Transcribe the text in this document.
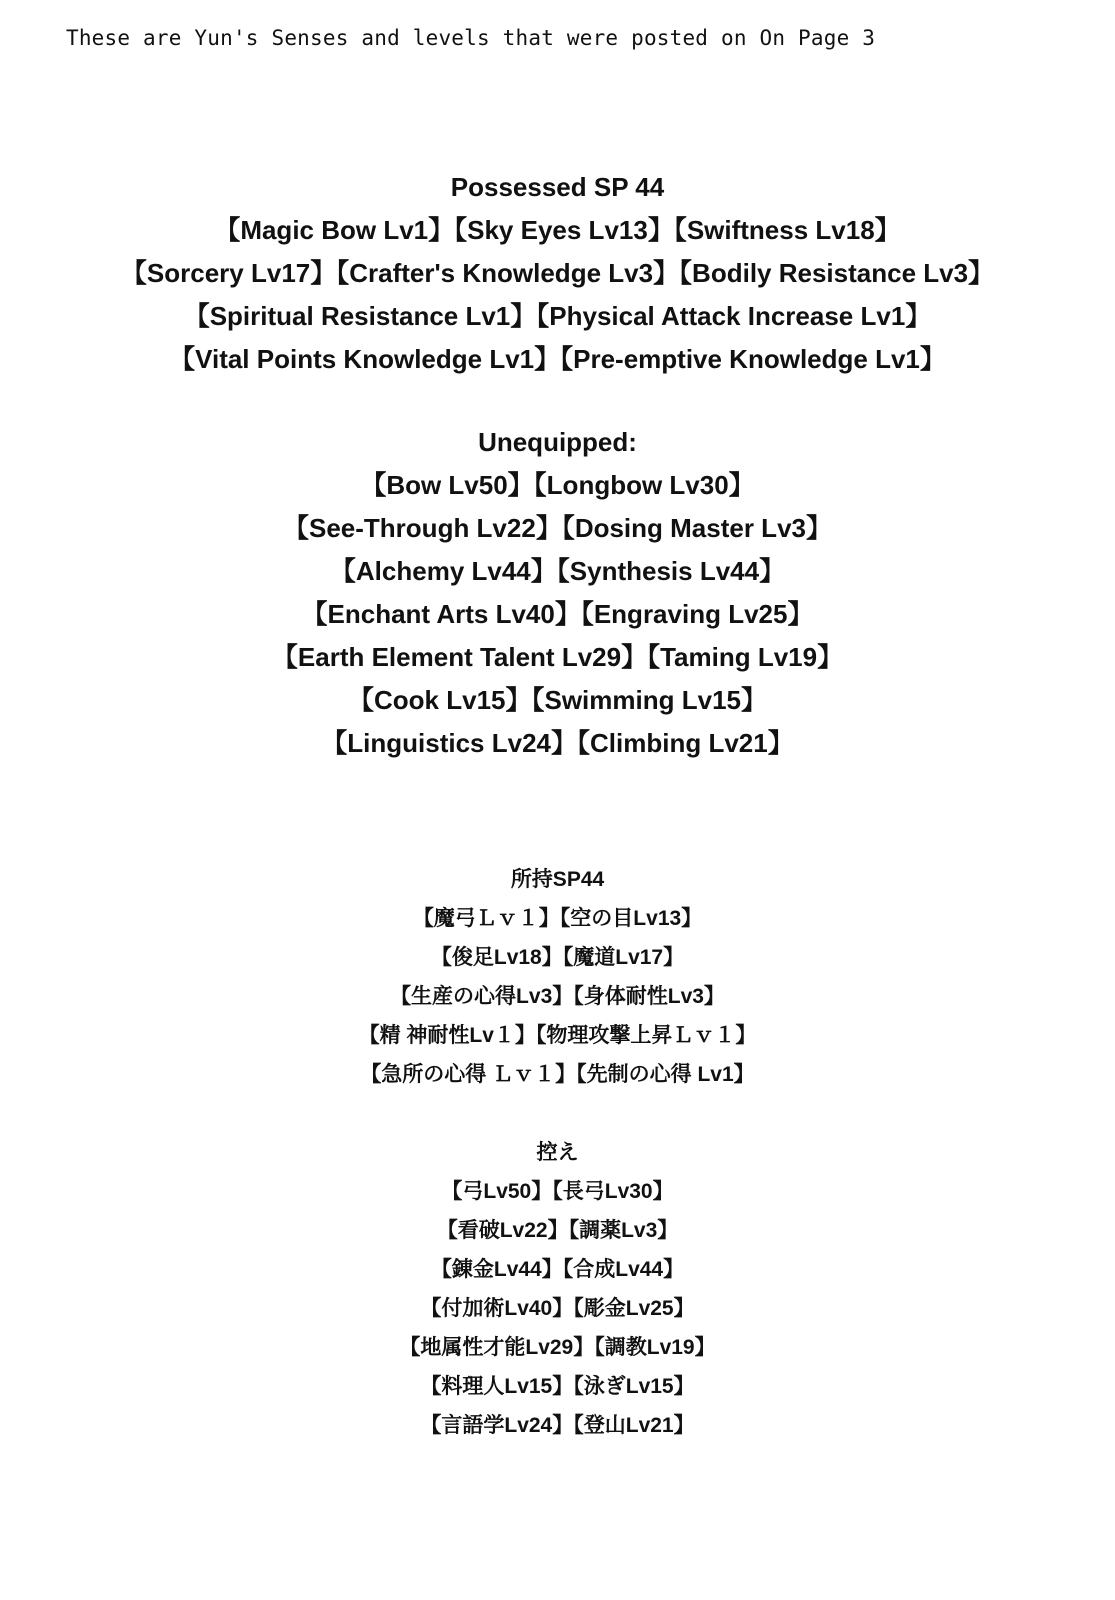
These are Yun's Senses and levels that were posted on On Page 3
Possessed SP 44
【Magic Bow Lv1】【Sky Eyes Lv13】【Swiftness Lv18】
【Sorcery Lv17】【Crafter's Knowledge Lv3】【Bodily Resistance Lv3】
【Spiritual Resistance Lv1】【Physical Attack Increase Lv1】
【Vital Points Knowledge Lv1】【Pre-emptive Knowledge Lv1】
Unequipped:
【Bow Lv50】【Longbow Lv30】
【See-Through Lv22】【Dosing Master Lv3】
【Alchemy Lv44】【Synthesis Lv44】
【Enchant Arts Lv40】【Engraving Lv25】
【Earth Element Talent Lv29】【Taming Lv19】
【Cook Lv15】【Swimming Lv15】
【Linguistics Lv24】【Climbing Lv21】
所持SP44
【魔弓Ｌｖ１】【空の目Lv13】
【俊足Lv18】【魔道Lv17】
【生産の心得Lv3】【身体耐性Lv3】
【精 神耐性Lv１】【物理攻撃上昇Ｌｖ１】
【急所の心得 Ｌｖ１】【先制の心得 Lv1】
控え
【弓Lv50】【長弓Lv30】
【看破Lv22】【調薬Lv3】
【錬金Lv44】【合成Lv44】
【付加術Lv40】【彫金Lv25】
【地属性才能Lv29】【調教Lv19】
【料理人Lv15】【泳ぎLv15】
【言語学Lv24】【登山Lv21】
